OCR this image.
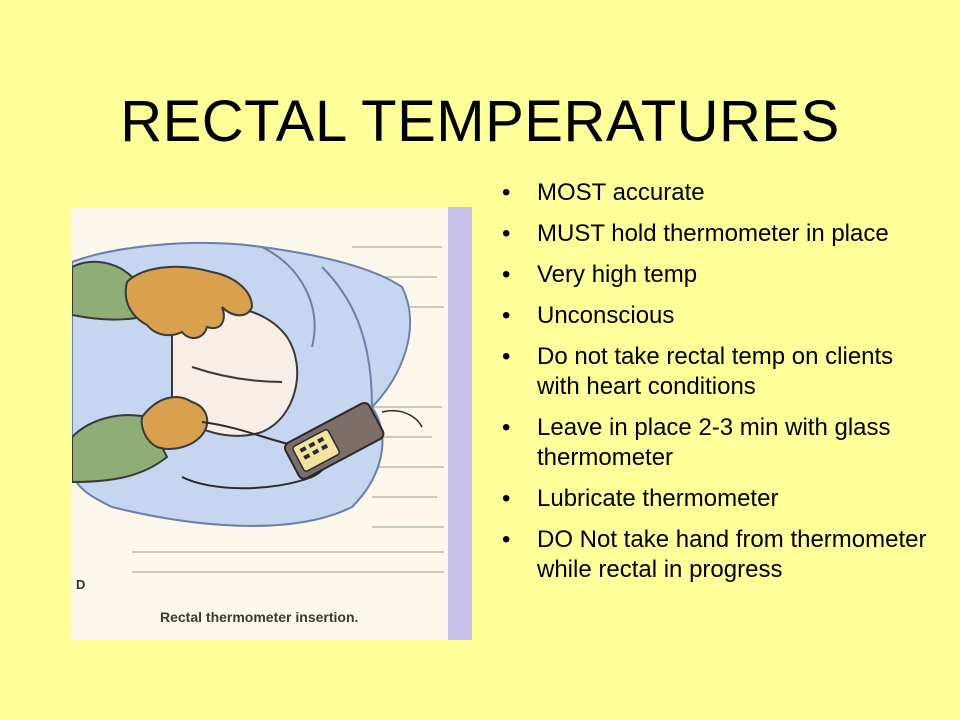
RECTAL TEMPERATURES
D
Rectal thermometer insertion.
• MOST accurate
• MUST hold thermometer in place
• Very high temp
• Unconscious
• Do not take rectal temp on clients with heart conditions
• Leave in place 2-3 min with glass thermometer
• Lubricate thermometer
• DO Not take hand from thermometer while rectal in progress
